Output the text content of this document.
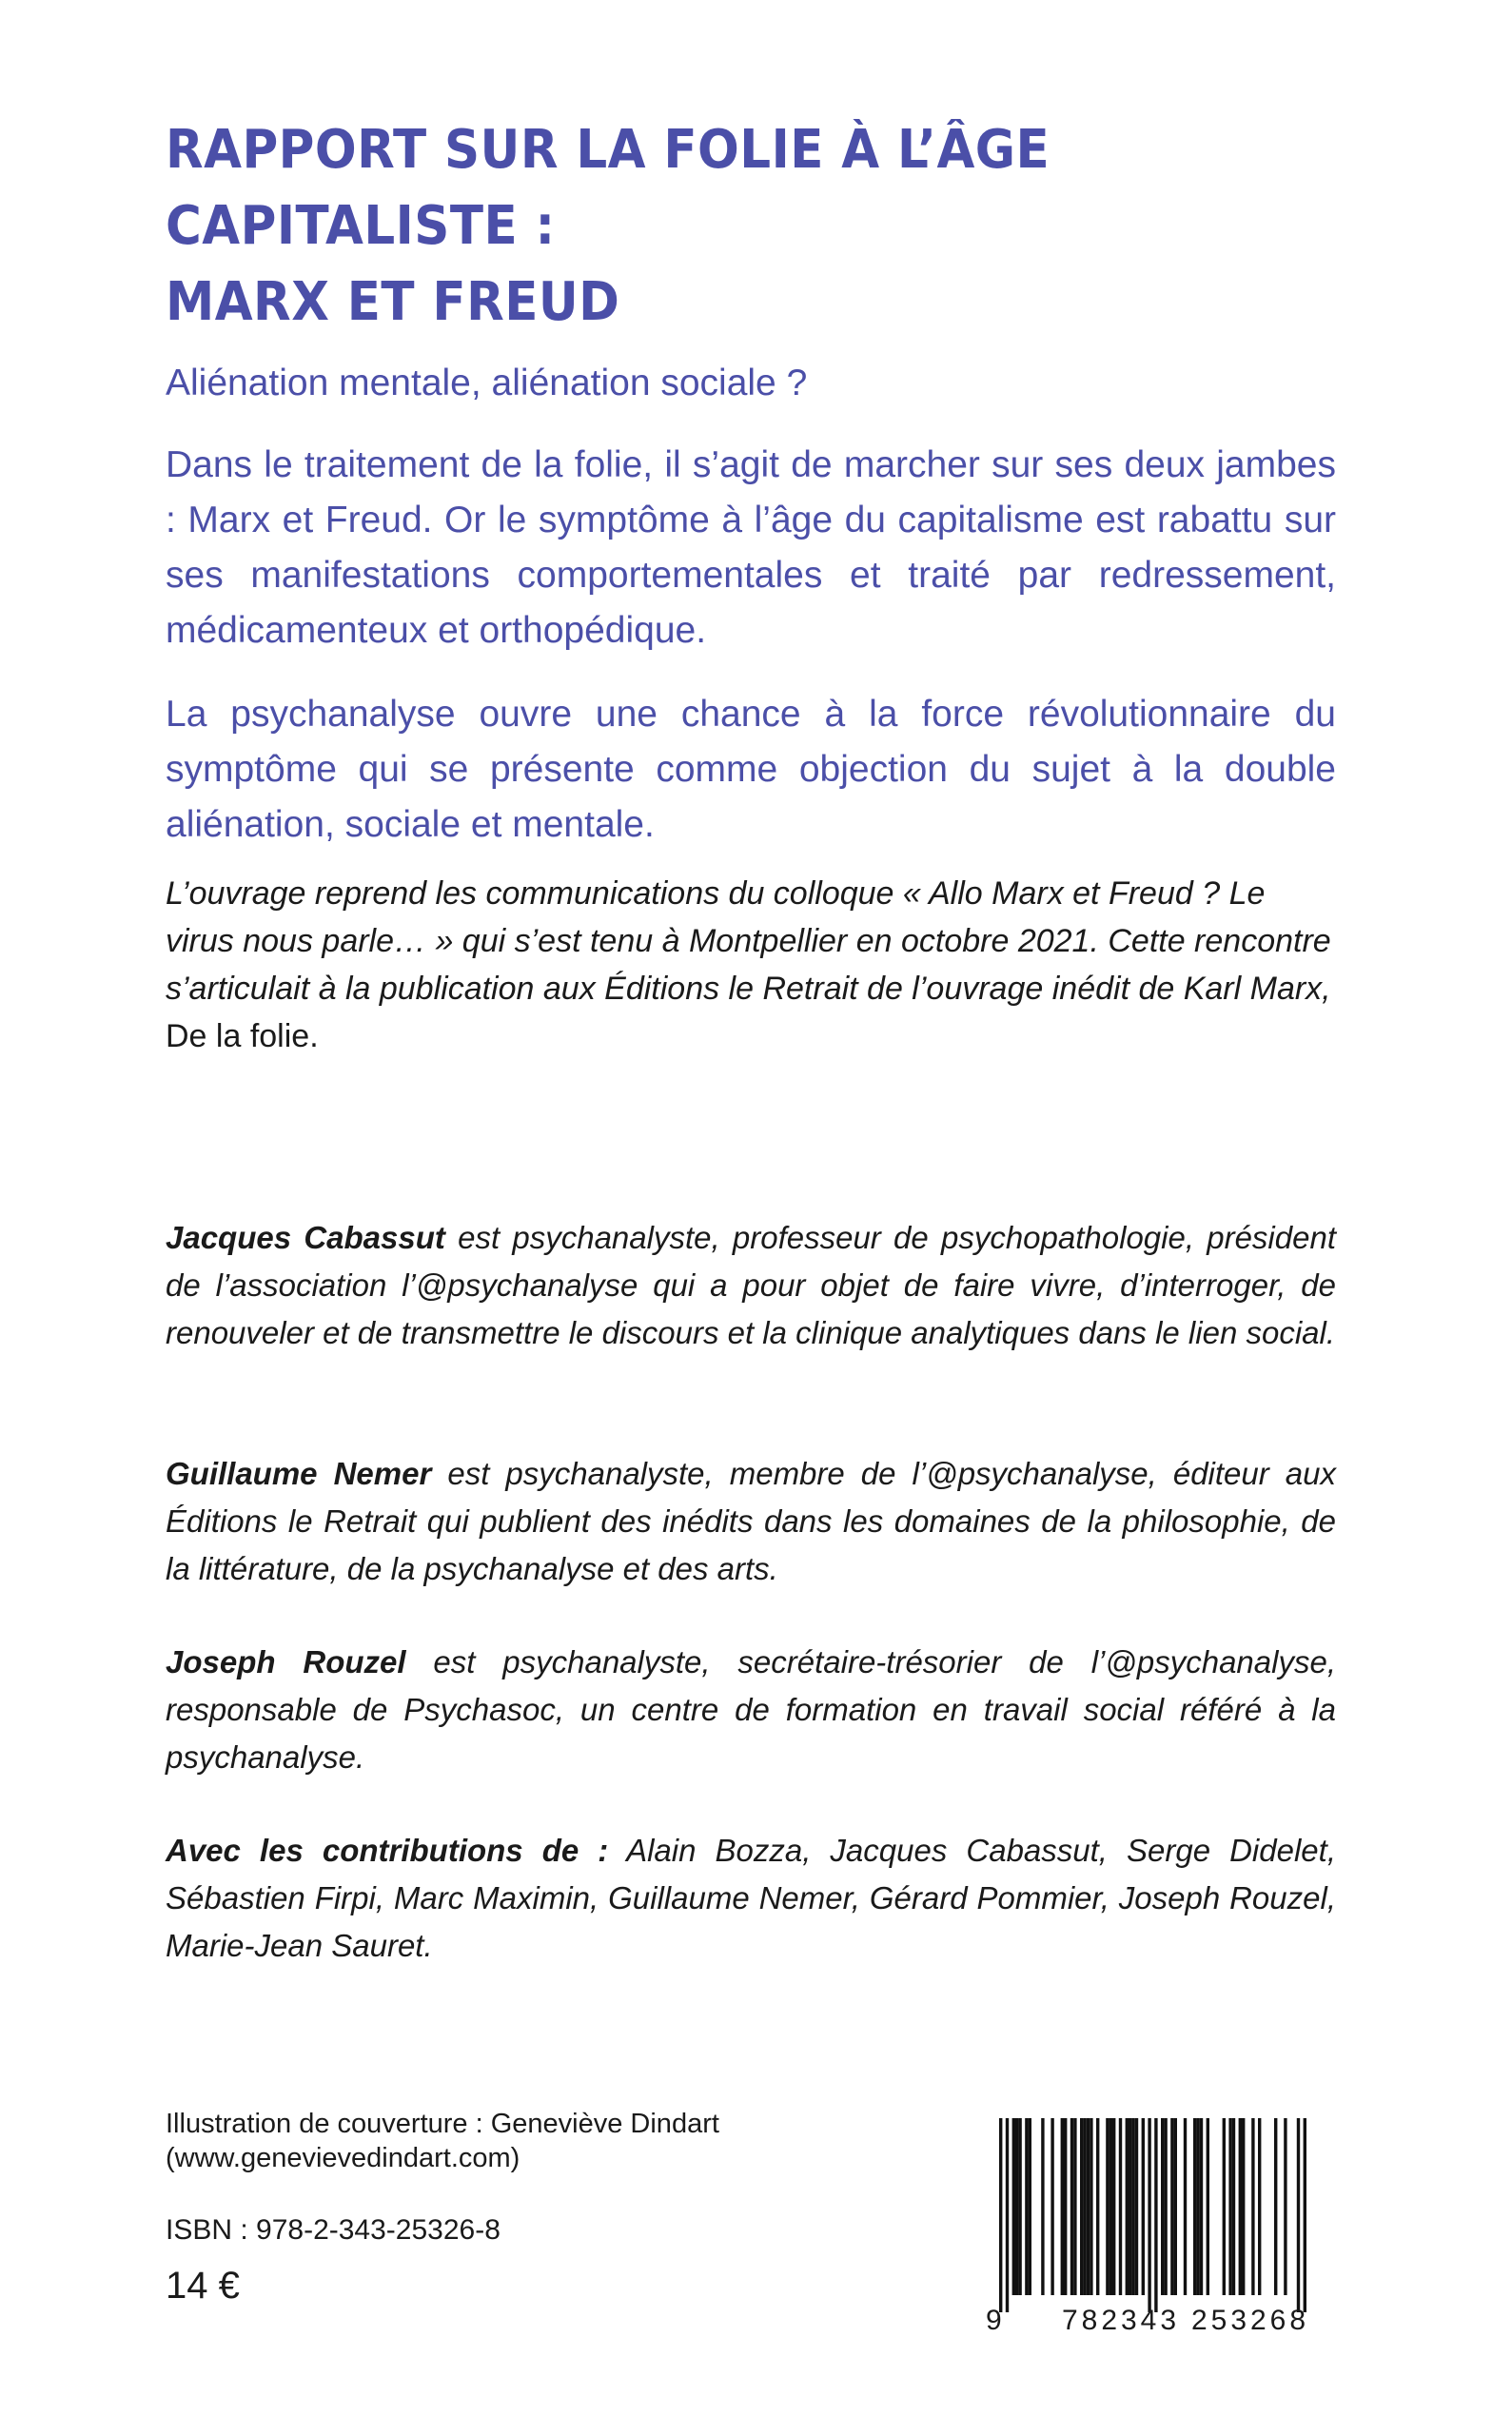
RAPPORT SUR LA FOLIE À L’ÂGE CAPITALISTE :
MARX ET FREUD

Aliénation mentale, aliénation sociale ?

Dans le traitement de la folie, il s’agit de marcher sur ses deux jambes : Marx et Freud. Or le symptôme à l’âge du capitalisme est rabattu sur ses manifestations comportementales et traité par redressement, médicamenteux et orthopédique.

La psychanalyse ouvre une chance à la force révolutionnaire du symptôme qui se présente comme objection du sujet à la double aliénation, sociale et mentale.

L’ouvrage reprend les communications du colloque « Allo Marx et Freud ? Le virus nous parle… » qui s’est tenu à Montpellier en octobre 2021. Cette rencontre s’articulait à la publication aux Éditions le Retrait de l’ouvrage inédit de Karl Marx, De la folie.

Jacques Cabassut est psychanalyste, professeur de psychopathologie, président de l’association l’@psychanalyse qui a pour objet de faire vivre, d’interroger, de renouveler et de transmettre le discours et la clinique analytiques dans le lien social.

Guillaume Nemer est psychanalyste, membre de l’@psychanalyse, éditeur aux Éditions le Retrait qui publient des inédits dans les domaines de la philosophie, de la littérature, de la psychanalyse et des arts.

Joseph Rouzel est psychanalyste, secrétaire-trésorier de l’@psychanalyse, responsable de Psychasoc, un centre de formation en travail social référé à la psychanalyse.

Avec les contributions de : Alain Bozza, Jacques Cabassut, Serge Didelet, Sébastien Firpi, Marc Maximin, Guillaume Nemer, Gérard Pommier, Joseph Rouzel, Marie-Jean Sauret.

Illustration de couverture : Geneviève Dindart
(www.genevievedindart.com)

ISBN : 978-2-343-25326-8

14 €

9 782343 253268
